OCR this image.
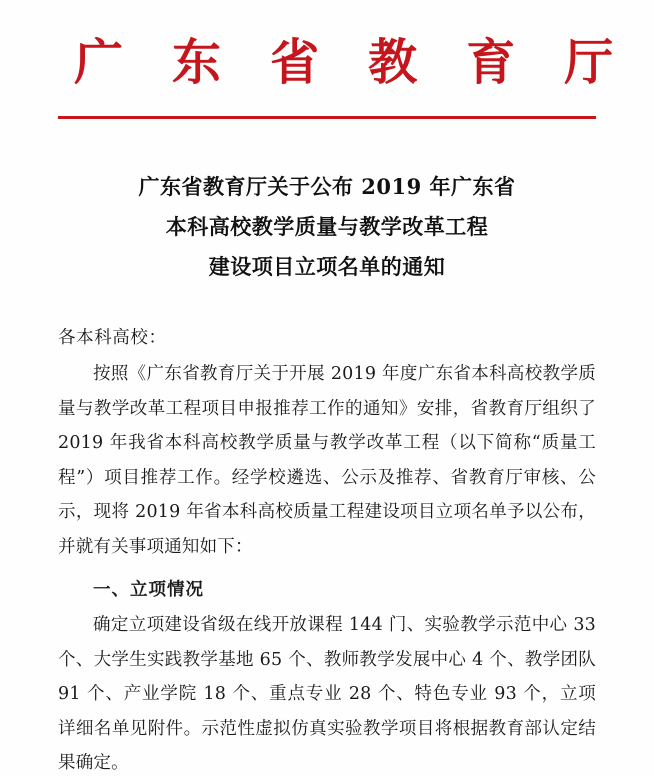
广 东 省 教 育 厅
广东省教育厅关于公布 2019 年广东省
本科高校教学质量与教学改革工程
建设项目立项名单的通知
各本科高校：

按照《广东省教育厅关于开展 2019 年度广东省本科高校教学质量与教学改革工程项目申报推荐工作的通知》安排，省教育厅组织了 2019 年我省本科高校教学质量与教学改革工程（以下简称“质量工程”）项目推荐工作。经学校遴选、公示及推荐、省教育厅审核、公示，现将 2019 年省本科高校质量工程建设项目立项名单予以公布，并就有关事项通知如下：

一、立项情况

确定立项建设省级在线开放课程 144 门、实验教学示范中心 33 个、大学生实践教学基地 65 个、教师教学发展中心 4 个、教学团队 91 个、产业学院 18 个、重点专业 28 个、特色专业 93 个，立项详细名单见附件。示范性虚拟仿真实验教学项目将根据教育部认定结果确定。
